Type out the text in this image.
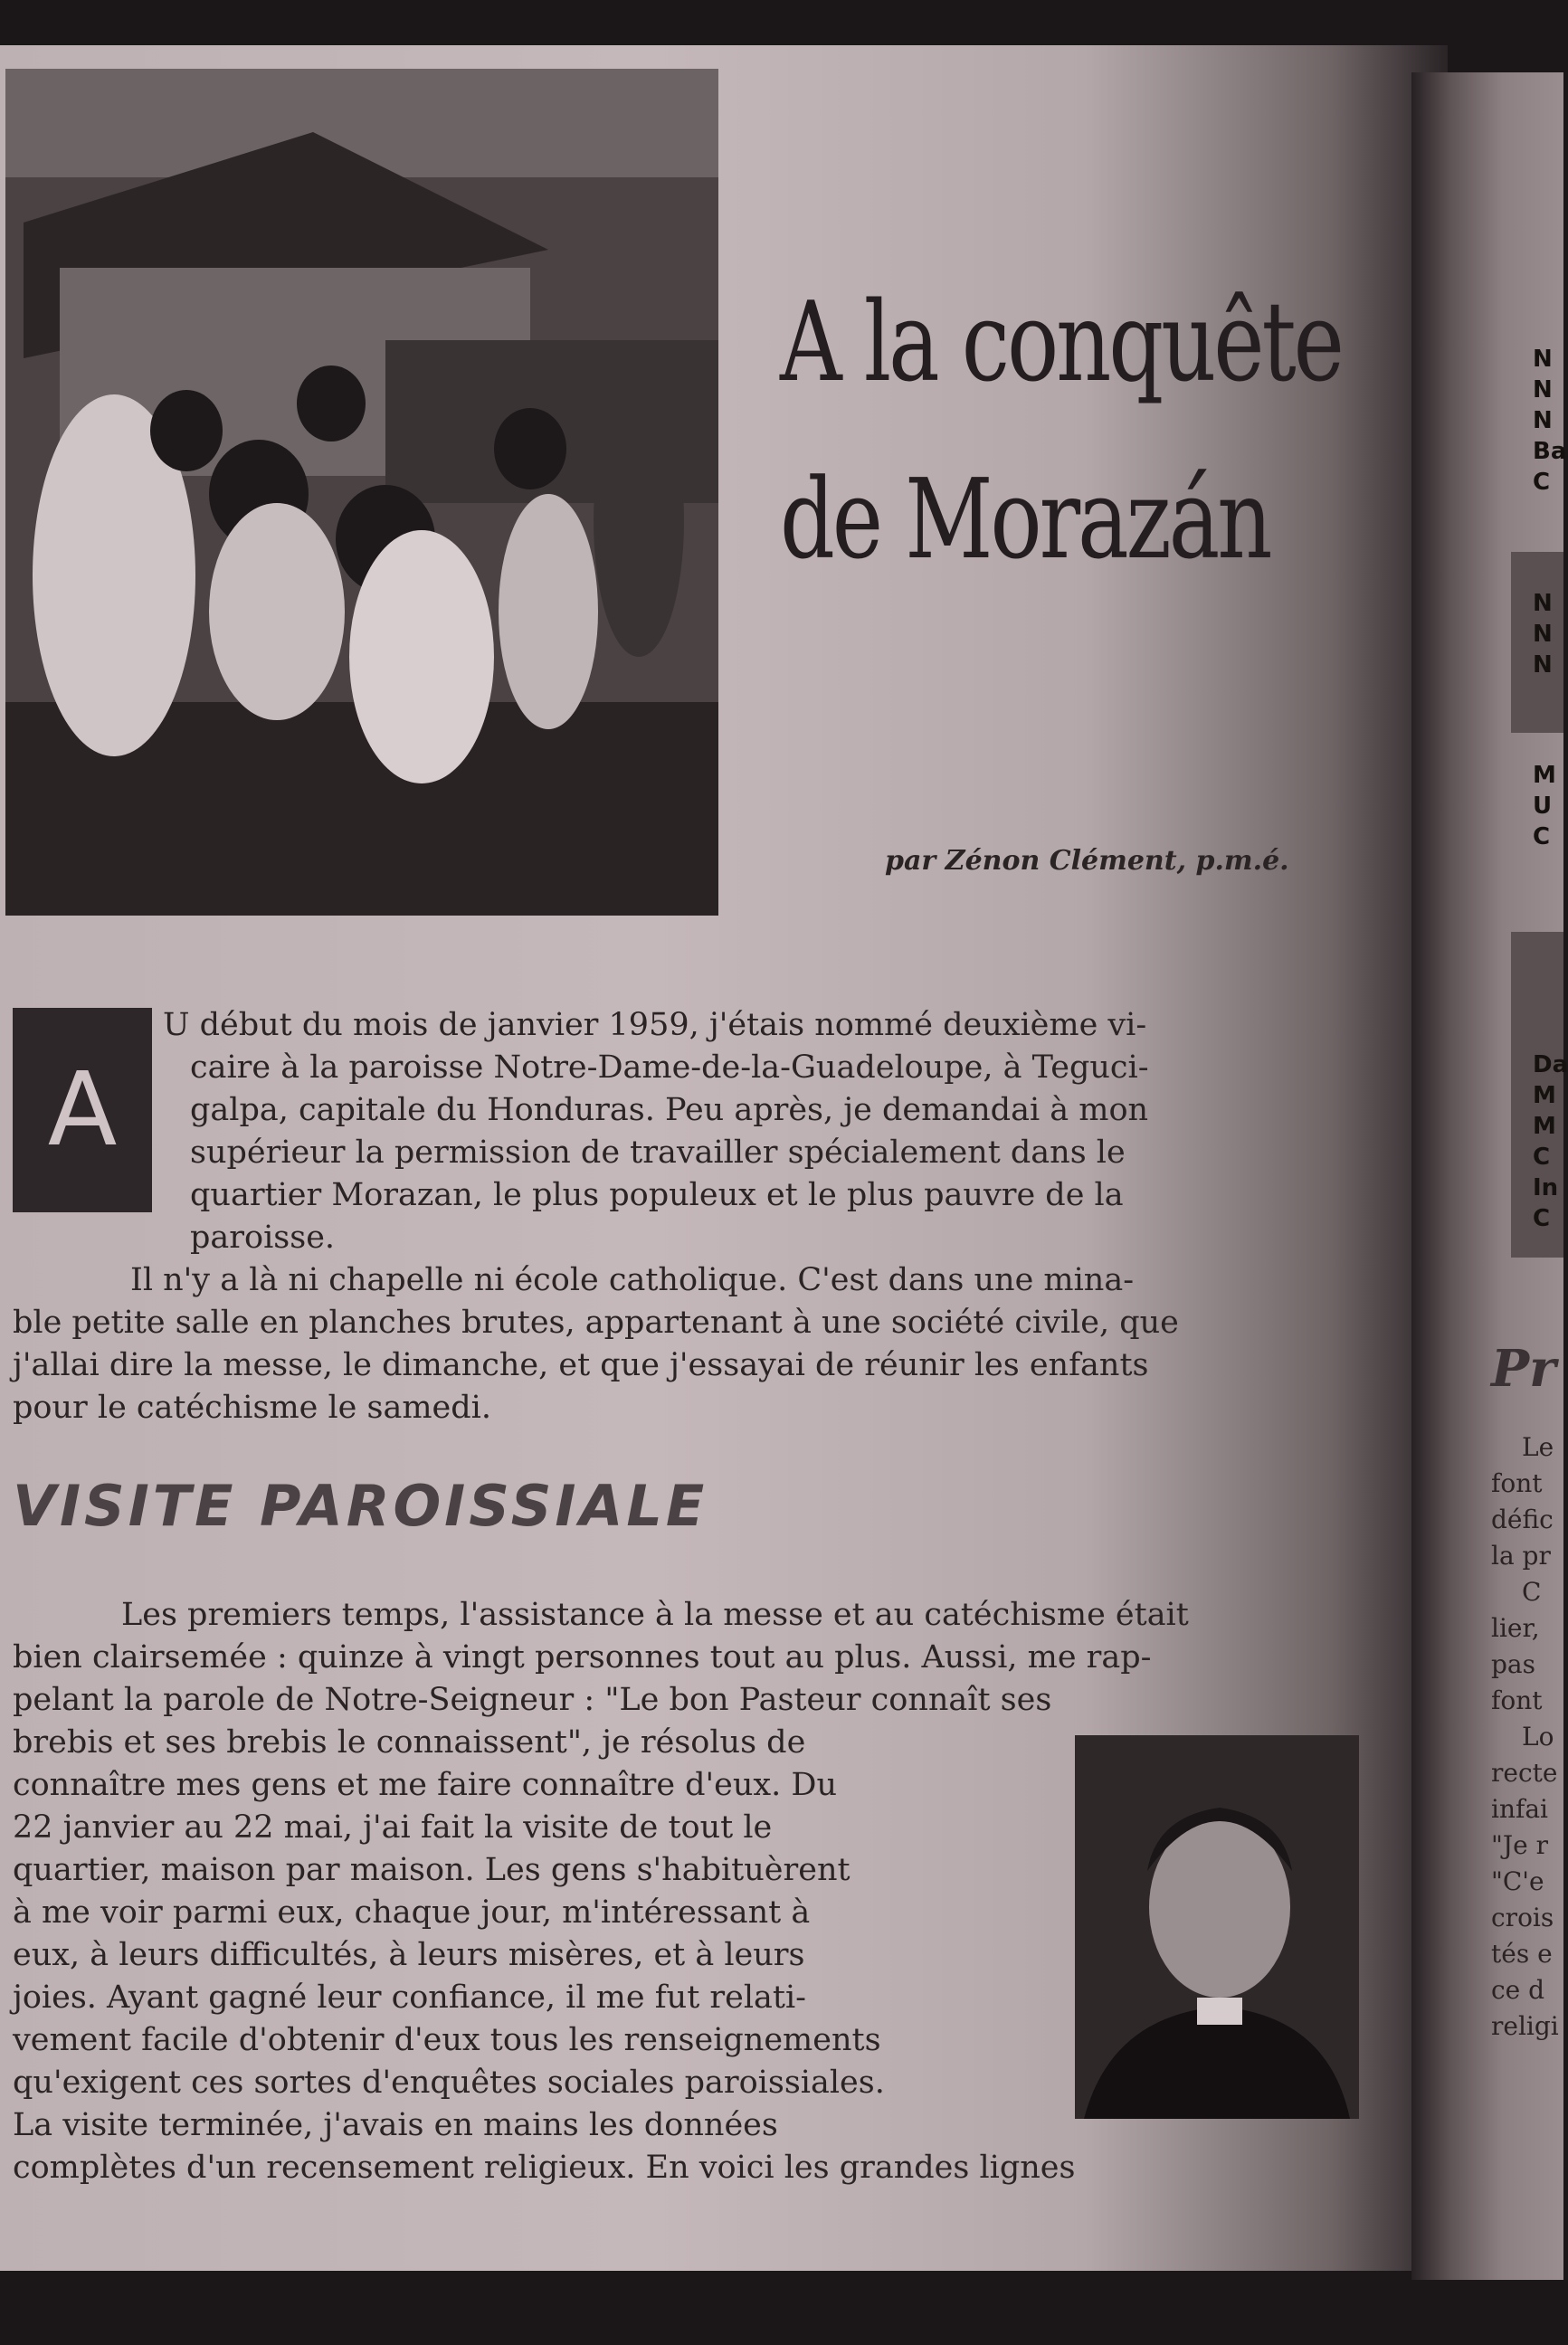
A la conquête
de Morazán
par Zénon Clément, p.m.é.
A
U début du mois de janvier 1959, j'étais nommé deuxième vi-
caire à la paroisse Notre-Dame-de-la-Guadeloupe, à Teguci-
galpa, capitale du Honduras. Peu après, je demandai à mon
supérieur la permission de travailler spécialement dans le
quartier Morazan, le plus populeux et le plus pauvre de la
paroisse.
Il n'y a là ni chapelle ni école catholique. C'est dans une mina-
ble petite salle en planches brutes, appartenant à une société civile, que
j'allai dire la messe, le dimanche, et que j'essayai de réunir les enfants
pour le catéchisme le samedi.
VISITE PAROISSIALE
Les premiers temps, l'assistance à la messe et au catéchisme était
bien clairsemée : quinze à vingt personnes tout au plus. Aussi, me rap-
pelant la parole de Notre-Seigneur : "Le bon Pasteur connaît ses
brebis et ses brebis le connaissent", je résolus de
connaître mes gens et me faire connaître d'eux. Du
22 janvier au 22 mai, j'ai fait la visite de tout le
quartier, maison par maison. Les gens s'habituèrent
à me voir parmi eux, chaque jour, m'intéressant à
eux, à leurs difficultés, à leurs misères, et à leurs
joies. Ayant gagné leur confiance, il me fut relati-
vement facile d'obtenir d'eux tous les renseignements
qu'exigent ces sortes d'enquêtes sociales paroissiales.
La visite terminée, j'avais en mains les données
complètes d'un recensement religieux. En voici les grandes lignes
N
N
N
Ba
C
N
N
N
M
U
C
Da
M
M
C
In
C
Pr
Le
font
défic
la pr
C
lier,
pas
font
Lo
recte
infai
"Je r
"C'e
crois
tés e
ce d
religi
